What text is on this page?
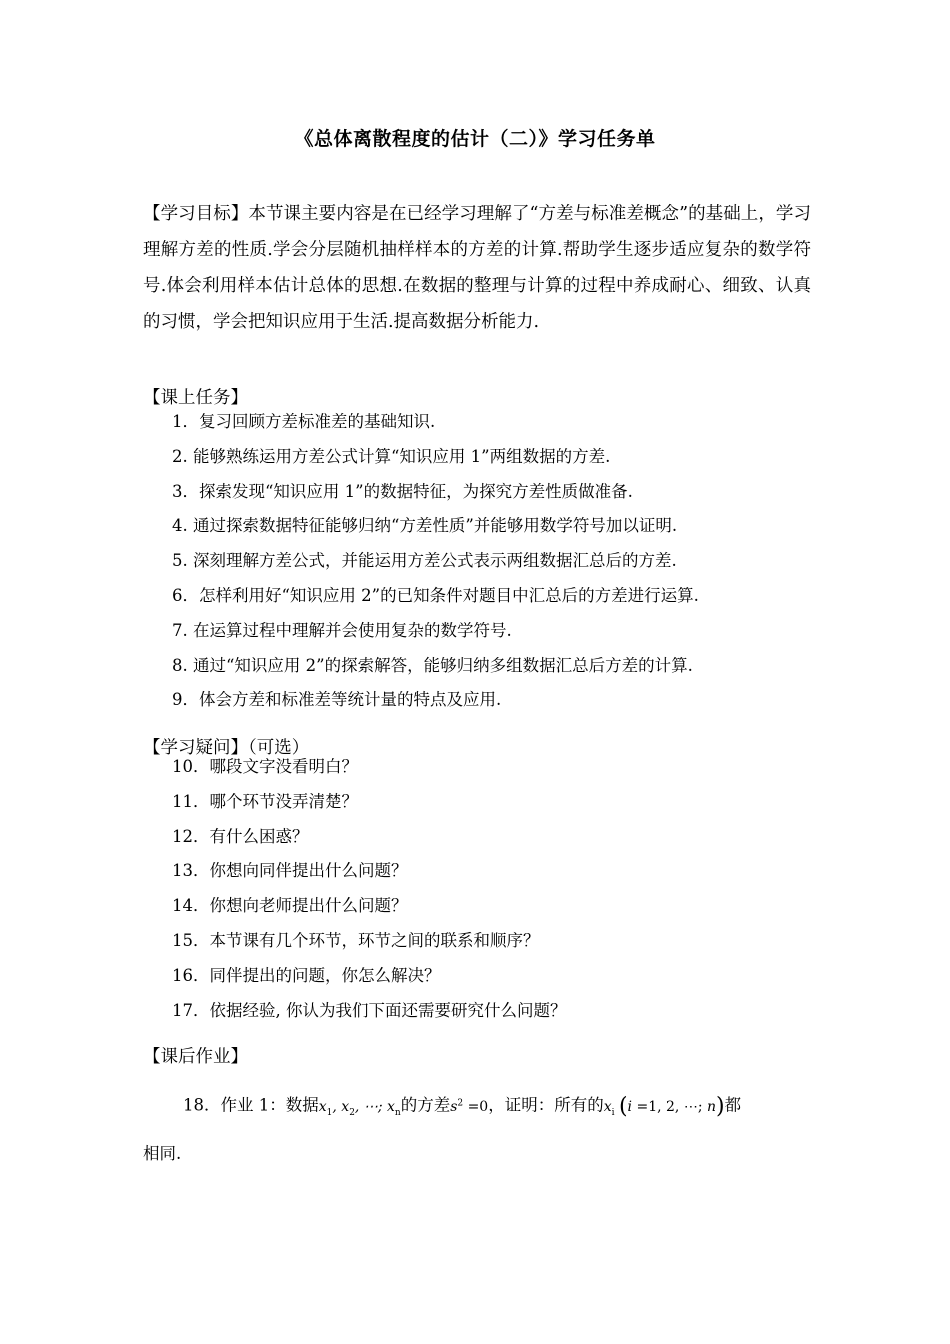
《总体离散程度的估计（二）》学习任务单
【学习目标】本节课主要内容是在已经学习理解了“方差与标准差概念”的基础上，学习理解方差的性质.学会分层随机抽样样本的方差的计算.帮助学生逐步适应复杂的数学符号.体会利用样本估计总体的思想.在数据的整理与计算的过程中养成耐心、细致、认真的习惯，学会把知识应用于生活.提高数据分析能力.
【课上任务】
1．复习回顾方差标准差的基础知识.
2. 能够熟练运用方差公式计算“知识应用 1”两组数据的方差.
3．探索发现“知识应用 1”的数据特征，为探究方差性质做准备.
4. 通过探索数据特征能够归纳“方差性质”并能够用数学符号加以证明.
5. 深刻理解方差公式，并能运用方差公式表示两组数据汇总后的方差.
6．怎样利用好“知识应用 2”的已知条件对题目中汇总后的方差进行运算.
7. 在运算过程中理解并会使用复杂的数学符号.
8. 通过“知识应用 2”的探索解答，能够归纳多组数据汇总后方差的计算.
9．体会方差和标准差等统计量的特点及应用.
【学习疑问】（可选）
10．哪段文字没看明白？
11．哪个环节没弄清楚？
12．有什么困惑？
13．你想向同伴提出什么问题？
14．你想向老师提出什么问题？
15．本节课有几个环节，环节之间的联系和顺序？
16．同伴提出的问题，你怎么解决？
17．依据经验, 你认为我们下面还需要研究什么问题？
【课后作业】
18．作业 1：数据$x_1$, $x_2$, ⋯; $x_n$的方差$s^2 =0$，证明：所有的$x_i$ (i =1, 2, ⋯; n)都
相同.
